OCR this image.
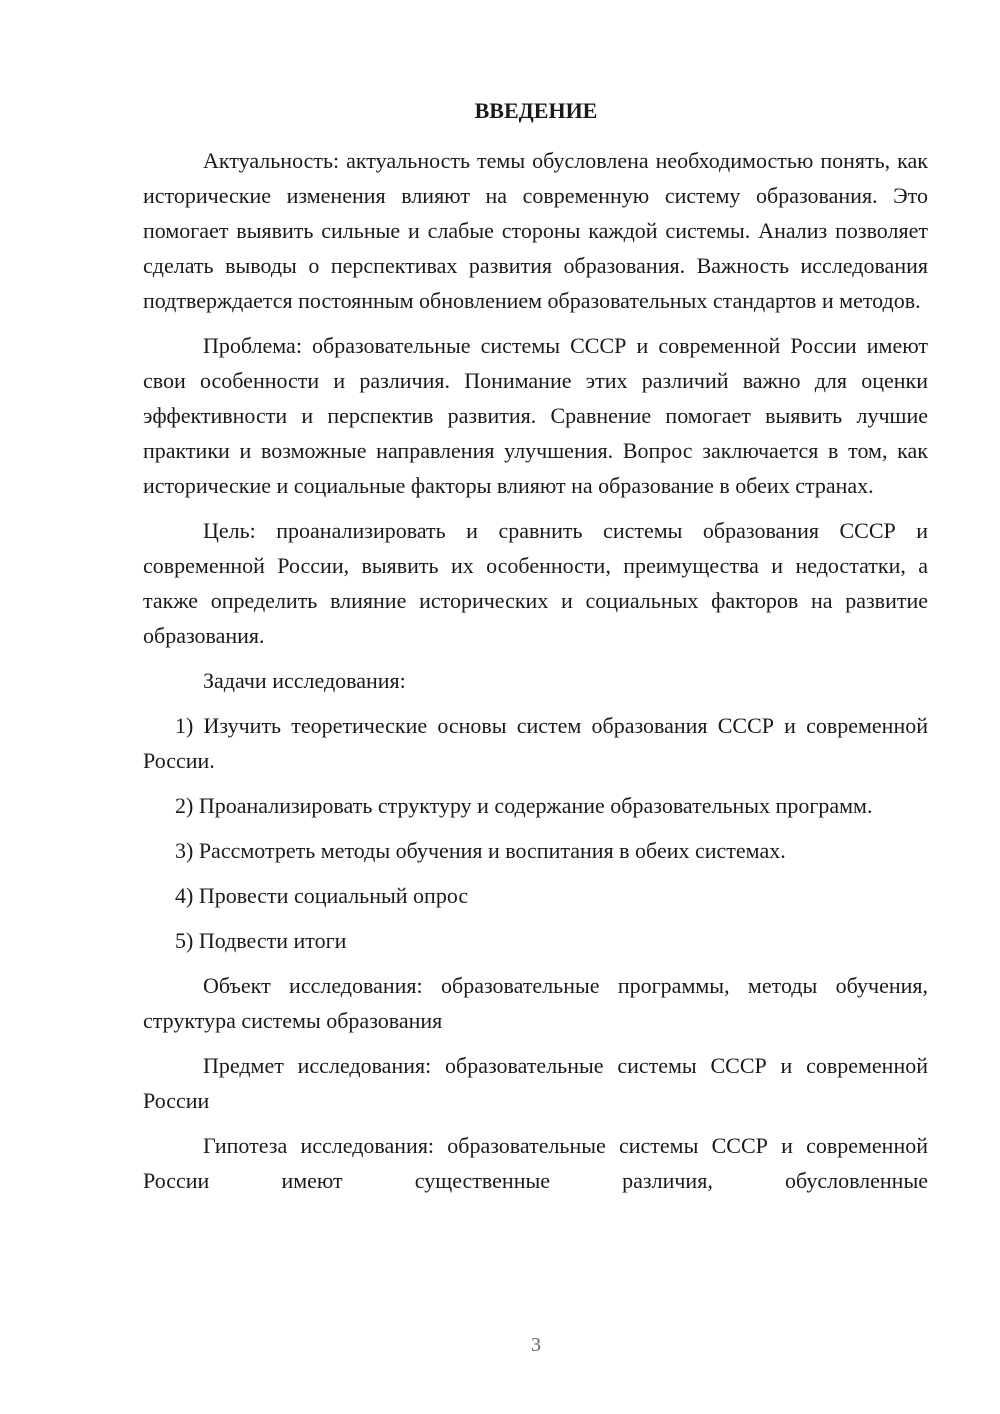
ВВЕДЕНИЕ

Актуальность: актуальность темы обусловлена необходимостью понять, как исторические изменения влияют на современную систему образования. Это помогает выявить сильные и слабые стороны каждой системы. Анализ позволяет сделать выводы о перспективах развития образования. Важность исследования подтверждается постоянным обновлением образовательных стандартов и методов.

Проблема: образовательные системы СССР и современной России имеют свои особенности и различия. Понимание этих различий важно для оценки эффективности и перспектив развития. Сравнение помогает выявить лучшие практики и возможные направления улучшения. Вопрос заключается в том, как исторические и социальные факторы влияют на образование в обеих странах.

Цель: проанализировать и сравнить системы образования СССР и современной России, выявить их особенности, преимущества и недостатки, а также определить влияние исторических и социальных факторов на развитие образования.

Задачи исследования:

1) Изучить теоретические основы систем образования СССР и современной России.

2) Проанализировать структуру и содержание образовательных программ.

3) Рассмотреть методы обучения и воспитания в обеих системах.

4) Провести социальный опрос

5) Подвести итоги

Объект исследования: образовательные программы, методы обучения, структура системы образования

Предмет исследования: образовательные системы СССР и современной России

Гипотеза исследования: образовательные системы СССР и современной России имеют существенные различия, обусловленные

3
